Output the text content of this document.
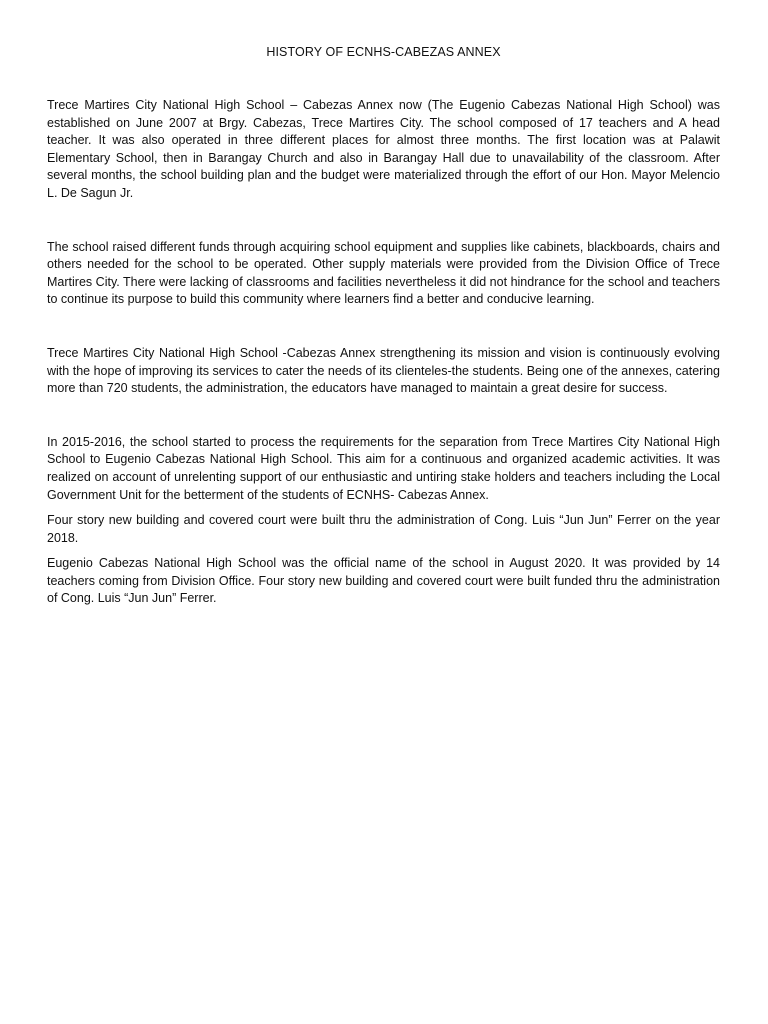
HISTORY OF ECNHS-CABEZAS ANNEX

Trece Martires City National High School – Cabezas Annex now (The Eugenio Cabezas National High School) was established on June 2007 at Brgy. Cabezas, Trece Martires City. The school composed of 17 teachers and A head teacher. It was also operated in three different places for almost three months. The first location was at Palawit Elementary School, then in Barangay Church and also in Barangay Hall due to unavailability of the classroom. After several months, the school building plan and the budget were materialized through the effort of our Hon. Mayor Melencio L. De Sagun Jr.

The school raised different funds through acquiring school equipment and supplies like cabinets, blackboards, chairs and others needed for the school to be operated. Other supply materials were provided from the Division Office of Trece Martires City. There were lacking of classrooms and facilities nevertheless it did not hindrance for the school and teachers to continue its purpose to build this community where learners find a better and conducive learning.

Trece Martires City National High School -Cabezas Annex strengthening its mission and vision is continuously evolving with the hope of improving its services to cater the needs of its clienteles-the students. Being one of the annexes, catering more than 720 students, the administration, the educators have managed to maintain a great desire for success.

In 2015-2016, the school started to process the requirements for the separation from Trece Martires City National High School to Eugenio Cabezas National High School. This aim for a continuous and organized academic activities. It was realized on account of unrelenting support of our enthusiastic and untiring stake holders and teachers including the Local Government Unit for the betterment of the students of ECNHS- Cabezas Annex.

Four story new building and covered court were built thru the administration of Cong. Luis “Jun Jun” Ferrer on the year 2018.

Eugenio Cabezas National High School was the official name of the school in August 2020. It was provided by 14 teachers coming from Division Office. Four story new building and covered court were built funded thru the administration of Cong. Luis “Jun Jun” Ferrer.
